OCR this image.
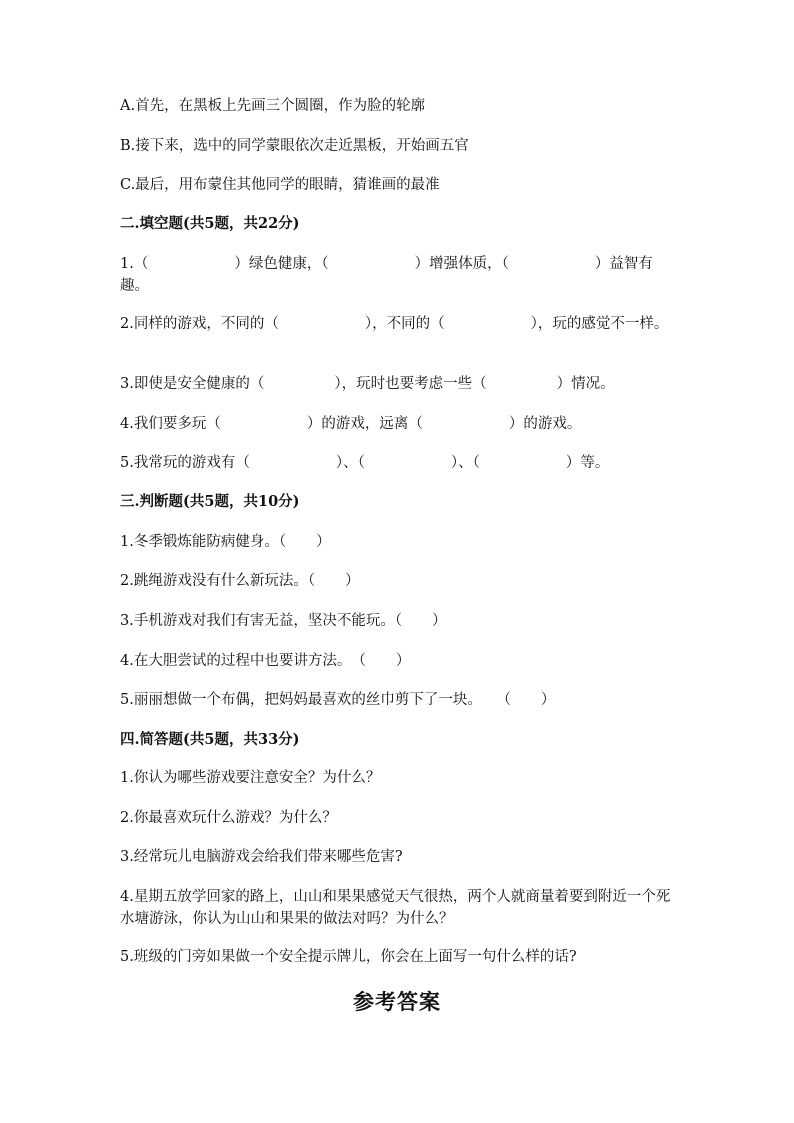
A.首先，在黑板上先画三个圆圈，作为脸的轮廓
B.接下来，选中的同学蒙眼依次走近黑板，开始画五官
C.最后，用布蒙住其他同学的眼睛，猜谁画的最准
二.填空题(共5题，共22分)
1.（	）绿色健康，（	）增强体质，（	）益智有趣。
2.同样的游戏，不同的（	），不同的（	），玩的感觉不一样。
3.即使是安全健康的（	），玩时也要考虑一些（	）情况。
4.我们要多玩（	）的游戏，远离（	）的游戏。
5.我常玩的游戏有（	）、（	）、（	）等。
三.判断题(共5题，共10分)
1.冬季锻炼能防病健身。（ ）
2.跳绳游戏没有什么新玩法。（ ）
3.手机游戏对我们有害无益，坚决不能玩。（ ）
4.在大胆尝试的过程中也要讲方法。　（ ）
5.丽丽想做一个布偶，把妈妈最喜欢的丝巾剪下了一块。　　（ ）
四.简答题(共5题，共33分)
1.你认为哪些游戏要注意安全？为什么？
2.你最喜欢玩什么游戏？为什么？
3.经常玩儿电脑游戏会给我们带来哪些危害?
4.星期五放学回家的路上，山山和果果感觉天气很热，两个人就商量着要到附近一个死水塘游泳，你认为山山和果果的做法对吗？为什么？
5.班级的门旁如果做一个安全提示牌儿，你会在上面写一句什么样的话?
参考答案
